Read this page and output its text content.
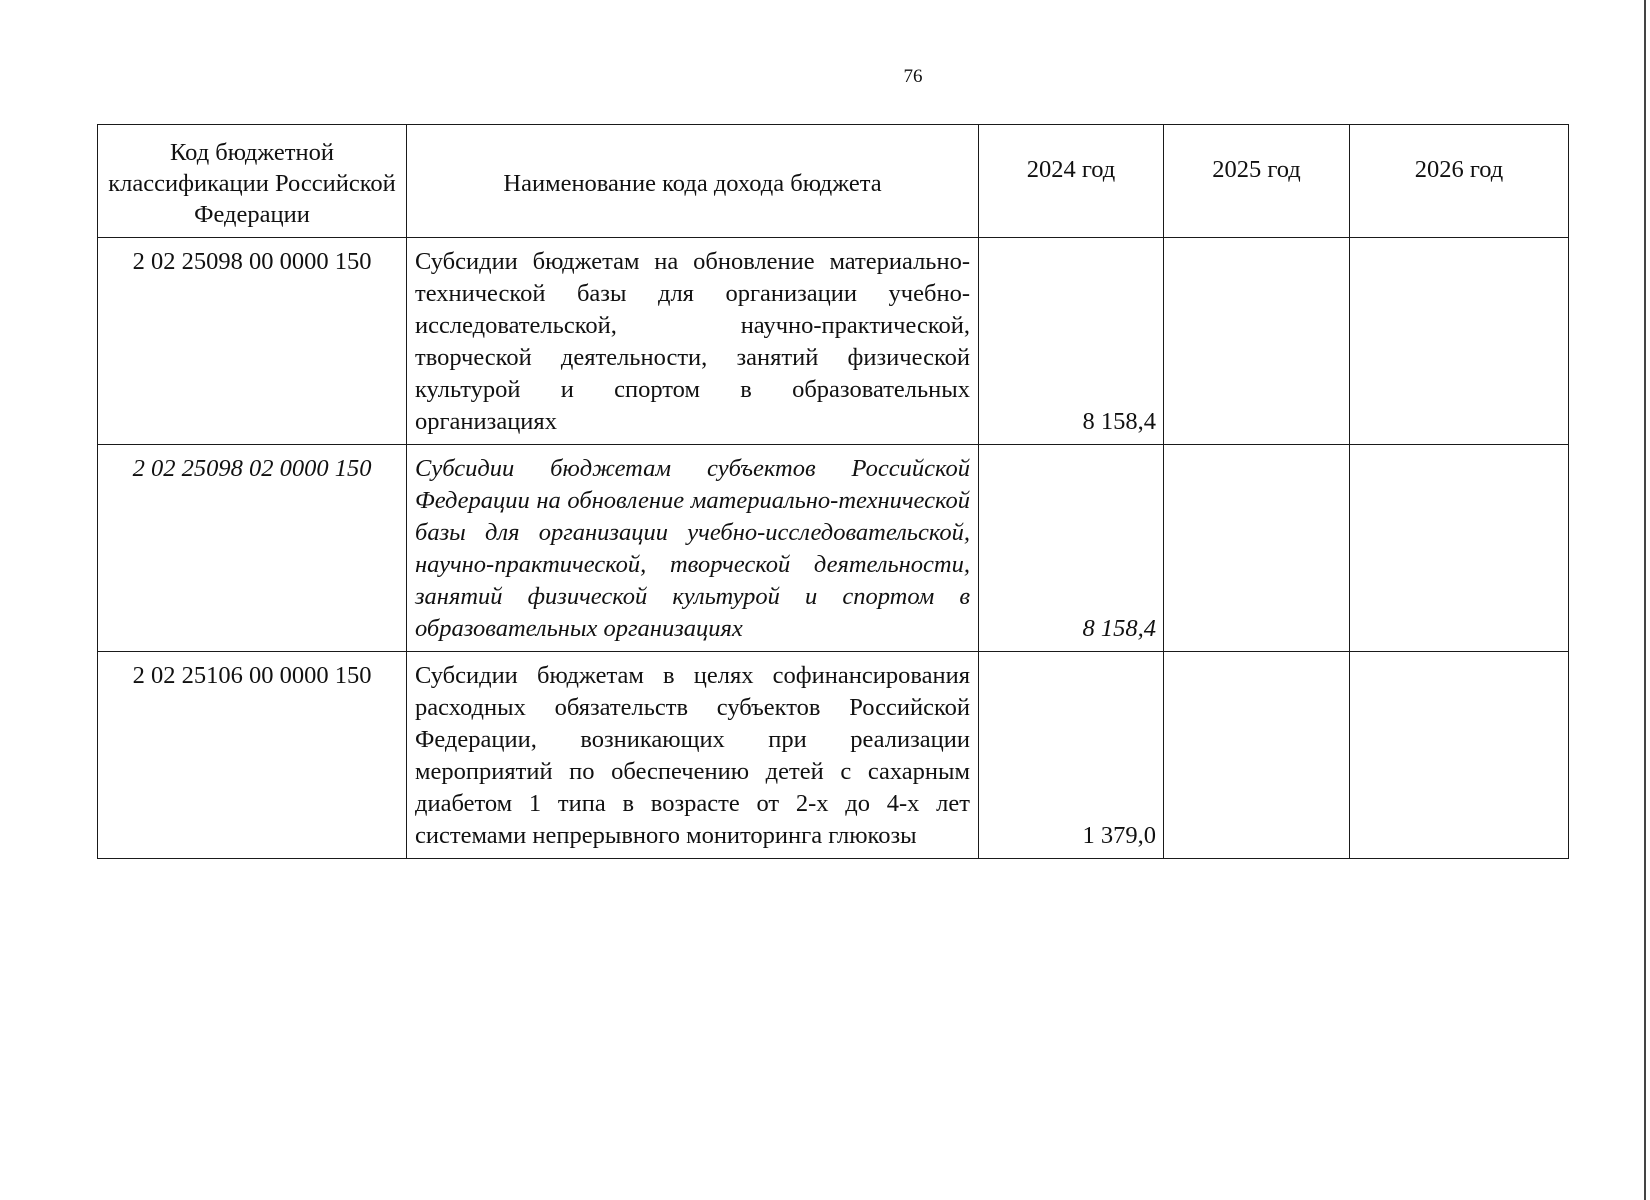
76
Код бюджетной классификации Российской Федерации	Наименование кода дохода бюджета	2024 год	2025 год	2026 год

2 02 25098 00 0000 150	Субсидии бюджетам на обновление материально-технической базы для организации учебно-исследовательской, научно-практической, творческой деятельности, занятий физической культурой и спортом в образовательных организациях	8 158,4		
2 02 25098 02 0000 150	Субсидии бюджетам субъектов Российской Федерации на обновление материально-технической базы для организации учебно-исследовательской, научно-практической, творческой деятельности, занятий физической культурой и спортом в образовательных организациях	8 158,4		
2 02 25106 00 0000 150	Субсидии бюджетам в целях софинансирования расходных обязательств субъектов Российской Федерации, возникающих при реализации мероприятий по обеспечению детей с сахарным диабетом 1 типа в возрасте от 2-х до 4-х лет системами непрерывного мониторинга глюкозы	1 379,0		
